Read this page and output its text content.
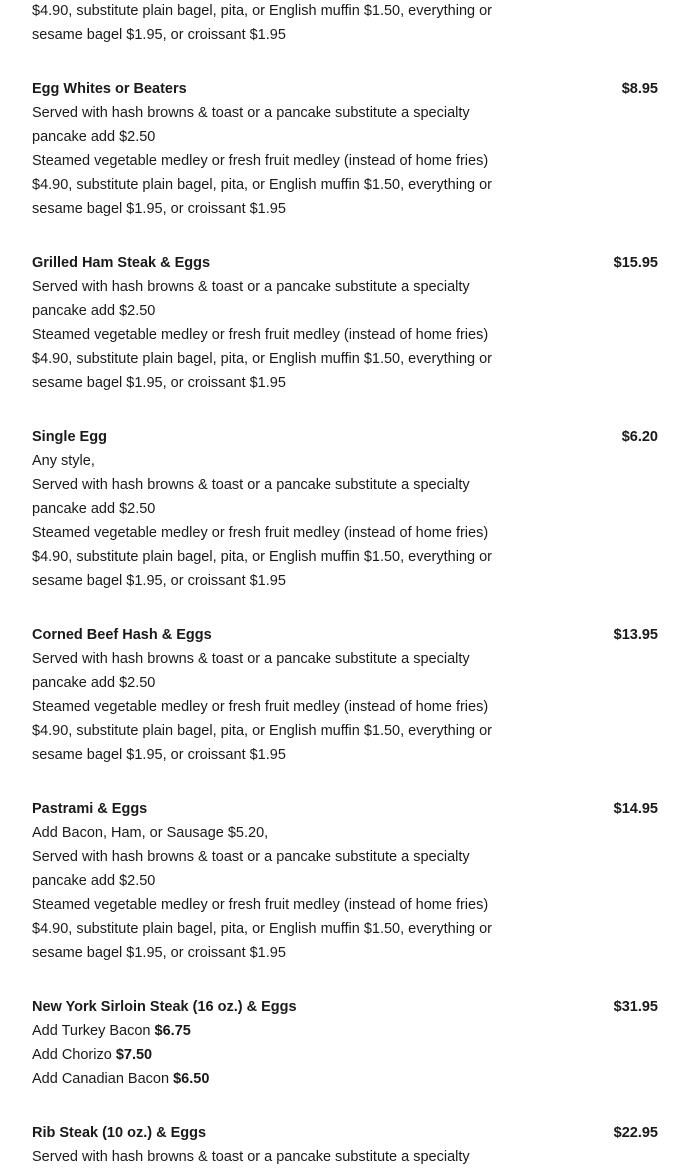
$4.90, substitute plain bagel, pita, or English muffin $1.50, everything or
sesame bagel $1.95, or croissant $1.95
Egg Whites or Beaters	$8.95
Served with hash browns & toast or a pancake substitute a specialty
pancake add $2.50
Steamed vegetable medley or fresh fruit medley (instead of home fries)
$4.90, substitute plain bagel, pita, or English muffin $1.50, everything or
sesame bagel $1.95, or croissant $1.95
Grilled Ham Steak & Eggs	$15.95
Served with hash browns & toast or a pancake substitute a specialty
pancake add $2.50
Steamed vegetable medley or fresh fruit medley (instead of home fries)
$4.90, substitute plain bagel, pita, or English muffin $1.50, everything or
sesame bagel $1.95, or croissant $1.95
Single Egg	$6.20
Any style,
Served with hash browns & toast or a pancake substitute a specialty
pancake add $2.50
Steamed vegetable medley or fresh fruit medley (instead of home fries)
$4.90, substitute plain bagel, pita, or English muffin $1.50, everything or
sesame bagel $1.95, or croissant $1.95
Corned Beef Hash & Eggs	$13.95
Served with hash browns & toast or a pancake substitute a specialty
pancake add $2.50
Steamed vegetable medley or fresh fruit medley (instead of home fries)
$4.90, substitute plain bagel, pita, or English muffin $1.50, everything or
sesame bagel $1.95, or croissant $1.95
Pastrami & Eggs	$14.95
Add Bacon, Ham, or Sausage $5.20,
Served with hash browns & toast or a pancake substitute a specialty
pancake add $2.50
Steamed vegetable medley or fresh fruit medley (instead of home fries)
$4.90, substitute plain bagel, pita, or English muffin $1.50, everything or
sesame bagel $1.95, or croissant $1.95
New York Sirloin Steak (16 oz.) & Eggs	$31.95
Add Turkey Bacon $6.75
Add Chorizo $7.50
Add Canadian Bacon $6.50
Rib Steak (10 oz.) & Eggs	$22.95
Served with hash browns & toast or a pancake substitute a specialty
